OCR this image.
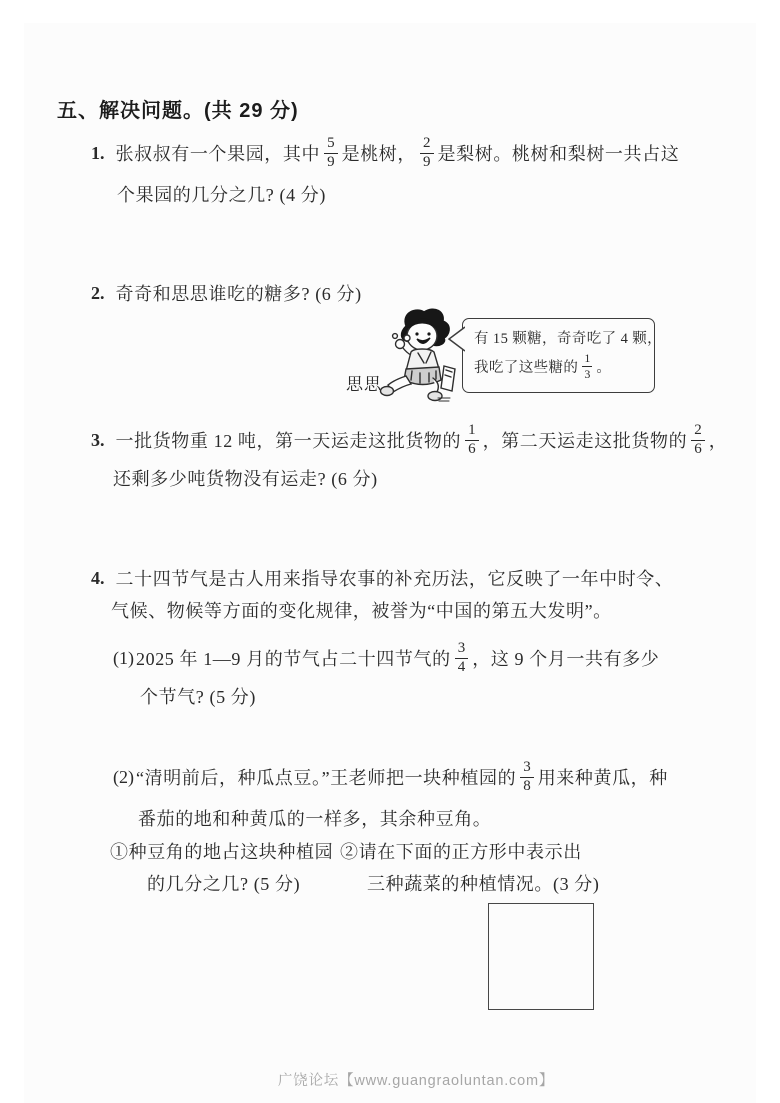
五、解决问题。(共 29 分)
1. 张叔叔有一个果园，其中 $\frac{5}{9}$ 是桃树， $\frac{2}{9}$ 是梨树。桃树和梨树一共占这
个果园的几分之几? (4 分)
2. 奇奇和思思谁吃的糖多? (6 分)
思思
有 15 颗糖，奇奇吃了 4 颗，
我吃了这些糖的 $\frac{1}{3}$ 。
3. 一批货物重 12 吨，第一天运走这批货物的 $\frac{1}{6}$ ，第二天运走这批货物的 $\frac{2}{6}$ ，
还剩多少吨货物没有运走? (6 分)
4. 二十四节气是古人用来指导农事的补充历法，它反映了一年中时令、
气候、物候等方面的变化规律，被誉为“中国的第五大发明”。
(1) 2025 年 1—9 月的节气占二十四节气的 $\frac{3}{4}$ ，这 9 个月一共有多少
个节气? (5 分)
(2) “清明前后，种瓜点豆。”王老师把一块种植园的 $\frac{3}{8}$ 用来种黄瓜，种
番茄的地和种黄瓜的一样多，其余种豆角。
①种豆角的地占这块种植园 ②请在下面的正方形中表示出
的几分之几? (5 分)	三种蔬菜的种植情况。(3 分)
广饶论坛【www.guangraoluntan.com】
